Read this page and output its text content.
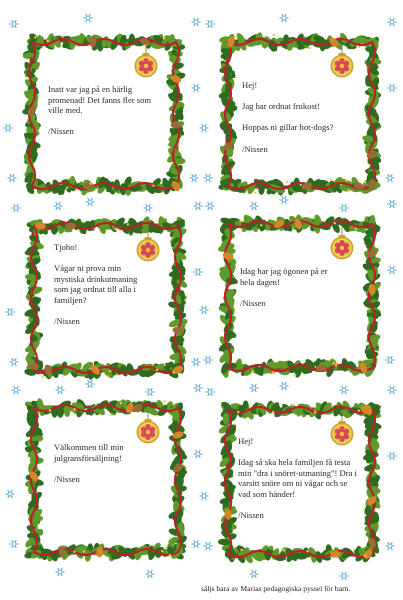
Inatt var jag på en härlig promenad! Det fanns fler som ville med.

/Nissen

Hej!

Jag har ordnat frukost!

Hoppas ni gillar hot-dogs?

/Nissen

Tjoho!

Vågar ni prova min mystiska drinkutmaning som jag ordnat till alla i familjen?

/Nissen

Idag har jag ögonen på er hela dagen!

/Nissen

Välkommen till min julgransförsäljning!

/Nissen

Hej!

Idag så ska hela familjen få testa min "dra i snöret-utmaning"! Dra i varsitt snöre om ni vågar och se vad som händer!

/Nissen

säljs bara av Marias pedagogiska pyssel för barn.
